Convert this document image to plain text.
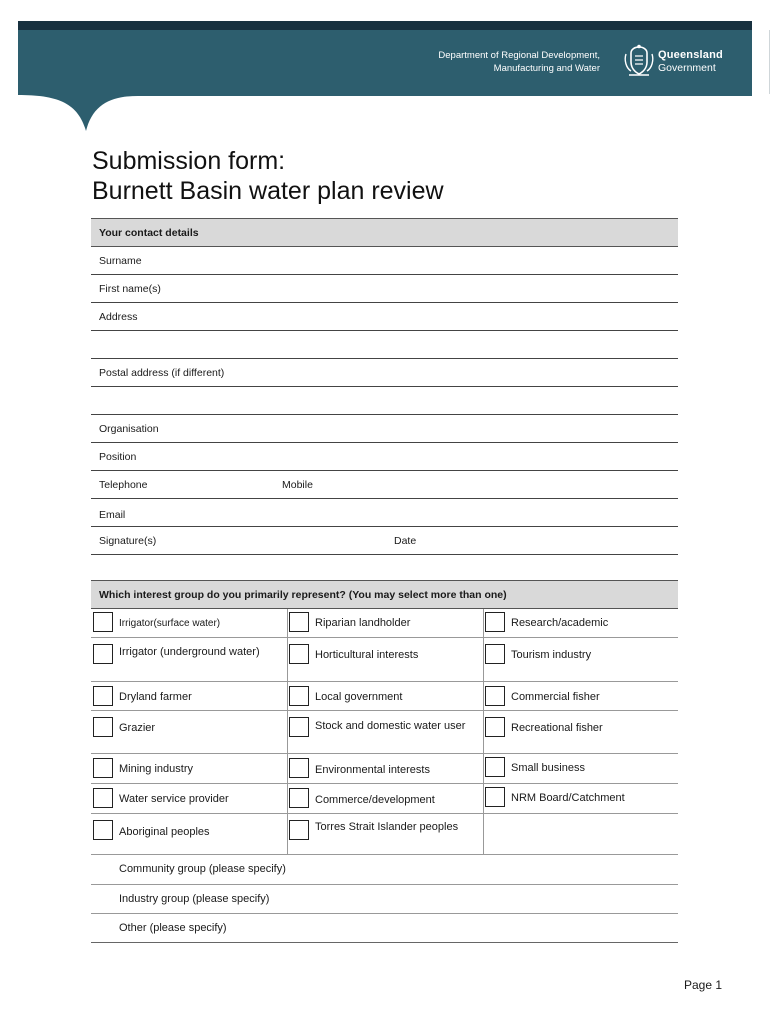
Department of Regional Development,
Manufacturing and Water
Queensland
Government
Submission form:
Burnett Basin water plan review
Your contact details
Surname
First name(s)
Address
Postal address (if different)
Organisation
Position
Telephone	Mobile
Email
Signature(s)	Date
Which interest group do you primarily represent? (You may select more than one)
Irrigator(surface water)	Riparian landholder	Research/academic
Irrigator (underground water)	Horticultural interests	Tourism industry
Dryland farmer	Local government	Commercial fisher
Grazier	Stock and domestic water user	Recreational fisher
Mining industry	Environmental interests	Small business
Water service provider	Commerce/development	NRM Board/Catchment
Aboriginal peoples	Torres Strait Islander peoples
Community group (please specify)
Industry group (please specify)
Other (please specify)
Page 1
